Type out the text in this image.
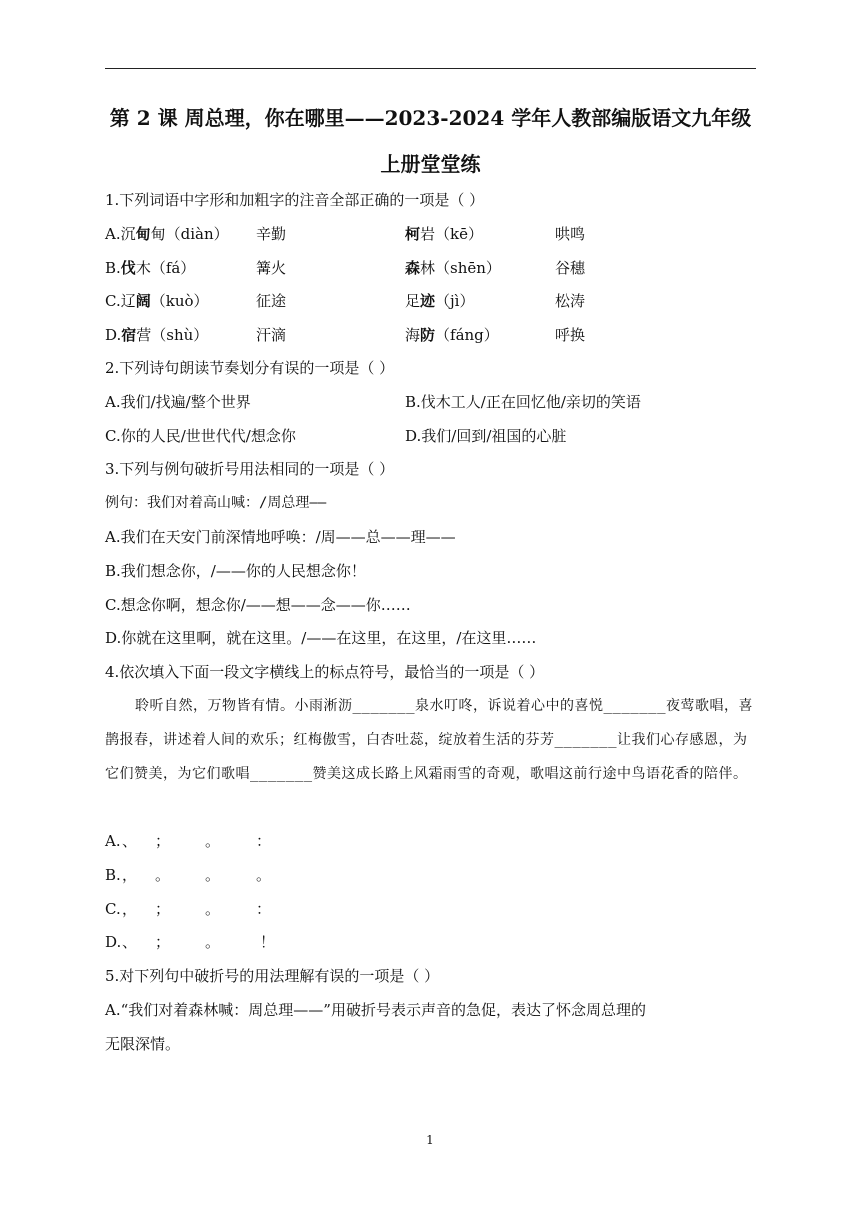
第 2 课 周总理，你在哪里——2023-2024 学年人教部编版语文九年级
上册堂堂练
1.下列词语中字形和加粗字的注音全部正确的一项是（ ）
A.沉甸甸（diàn） 辛勤	柯岩（kē）	哄鸣
B.伐木（fá）	篝火	森林（shēn）	谷穗
C.辽阔（kuò）	征途	足迹（jì）	松涛
D.宿营（shù）	汗滴	海防（fáng）	呼换
2.下列诗句朗读节奏划分有误的一项是（ ）
A.我们/找遍/整个世界	B.伐木工人/正在回忆他/亲切的笑语
C.你的人民/世世代代/想念你	D.我们/回到/祖国的心脏
3.下列与例句破折号用法相同的一项是（ ）
例句：我们对着高山喊：/周总理——
A.我们在天安门前深情地呼唤：/周——总——理——
B.我们想念你，/——你的人民想念你！
C.想念你啊，想念你/——想——念——你……
D.你就在这里啊，就在这里。/——在这里，在这里，/在这里……
4.依次填入下面一段文字横线上的标点符号，最恰当的一项是（ ）
聆听自然，万物皆有情。小雨淅沥_______泉水叮咚，诉说着心中的喜悦_______夜莺歌唱，喜鹊报春，讲述着人间的欢乐；红梅傲雪，白杏吐蕊，绽放着生活的芬芳_______让我们心存感恩，为它们赞美，为它们歌唱_______赞美这成长路上风霜雨雪的奇观，歌唱这前行途中鸟语花香的陪伴。
A. 、 ； 。 ：
B. ， 。 。 。
C. ， ； 。 ：
D. 、 ； 。	！
5.对下列句中破折号的用法理解有误的一项是（ ）
A.“我们对着森林喊：周总理——”用破折号表示声音的急促，表达了怀念周总理的
无限深情。
1
